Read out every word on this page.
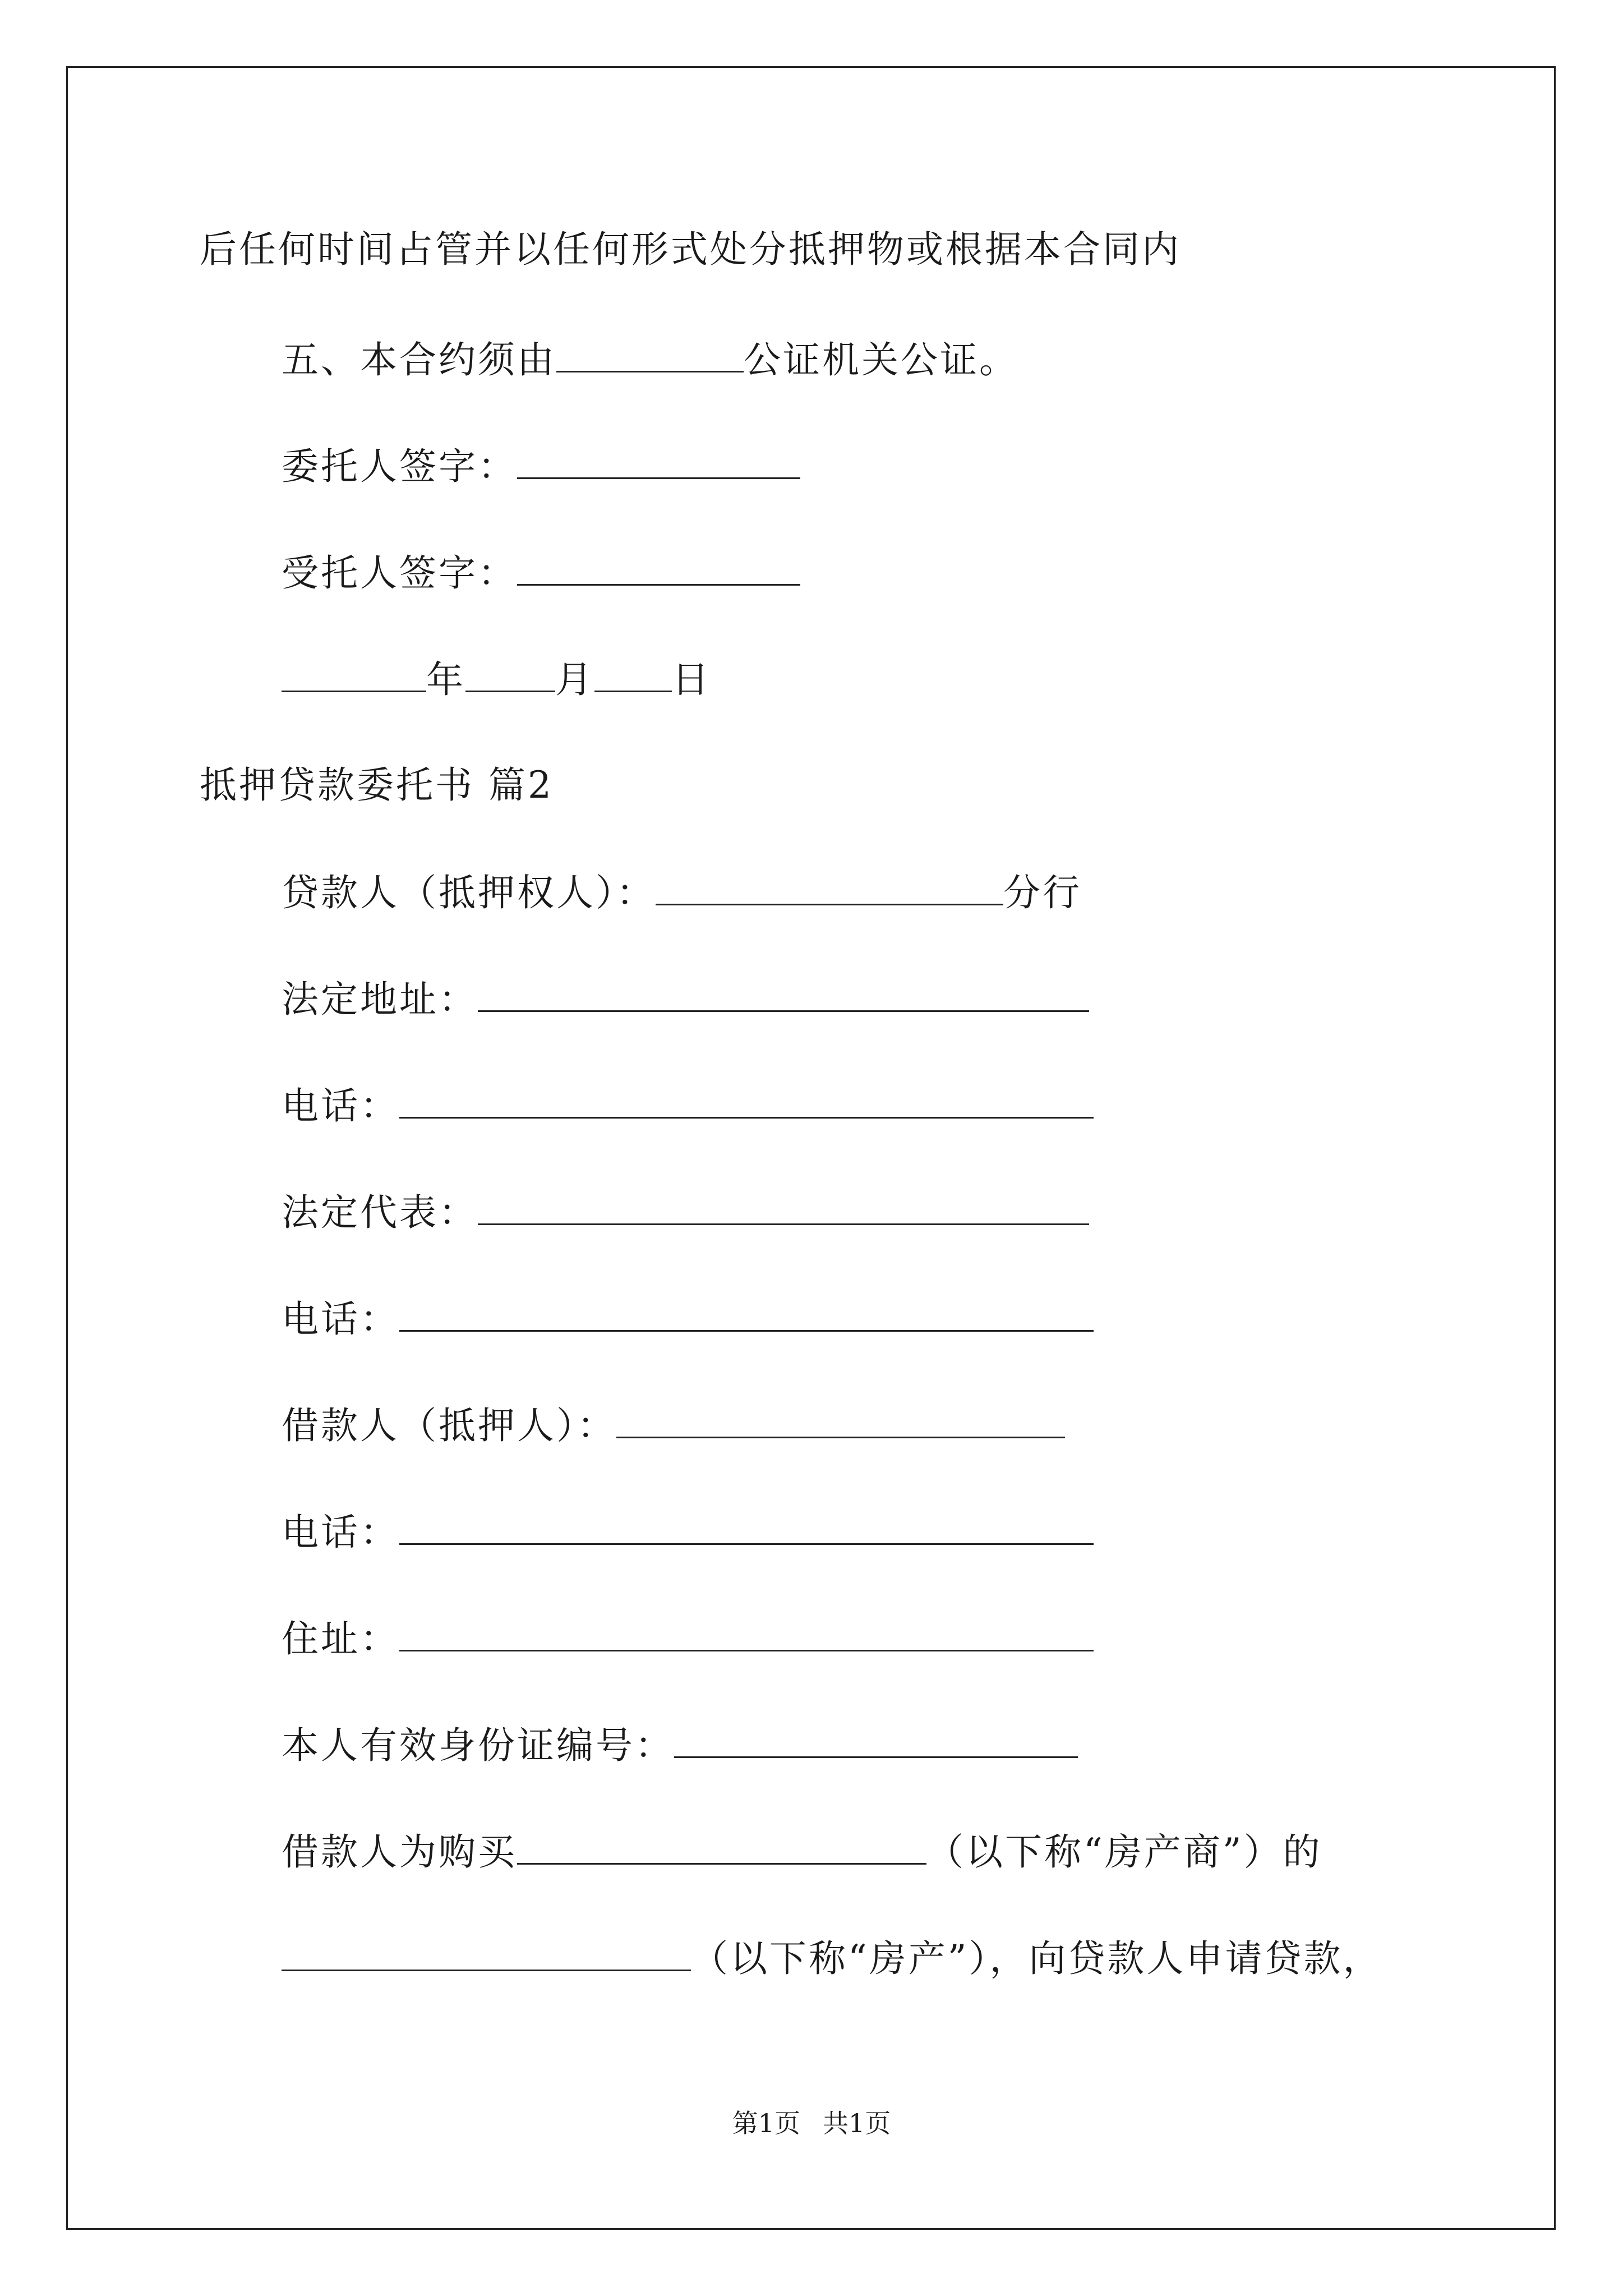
后任何时间占管并以任何形式处分抵押物或根据本合同内
五、本合约须由	公证机关公证。
委托人签字：
受托人签字：
年 月 日
抵押贷款委托书 篇2
贷款人（抵押权人）：	分行
法定地址：
电话：
法定代表：
电话：
借款人（抵押人）：
电话：
住址：
本人有效身份证编号：
借款人为购买	（以下称“房产商”）的
（以下称“房产”），向贷款人申请贷款，
第1页 共1页
